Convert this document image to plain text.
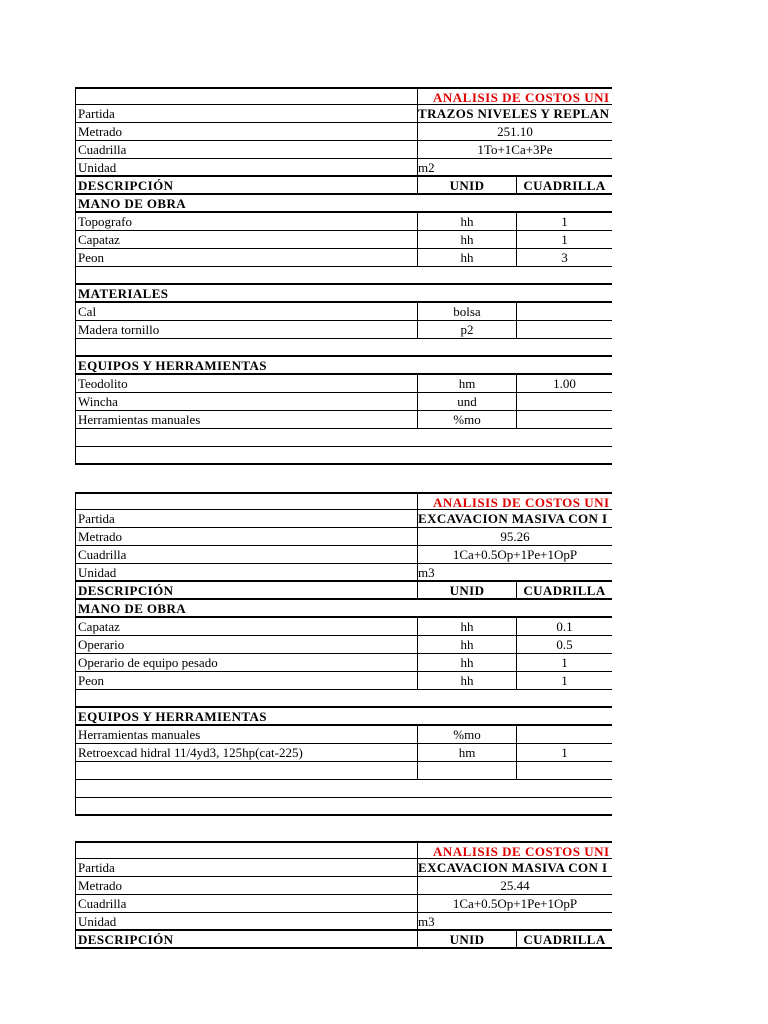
ANALISIS DE COSTOS UNI
Partida	TRAZOS NIVELES Y REPLAN
Metrado	251.10
Cuadrilla	1To+1Ca+3Pe
Unidad	m2
DESCRIPCIÓN	UNID	CUADRILLA
MANO DE OBRA
Topografo	hh	1
Capataz	hh	1
Peon	hh	3
MATERIALES
Cal	bolsa
Madera tornillo	p2
EQUIPOS Y HERRAMIENTAS
Teodolito	hm	1.00
Wincha	und
Herramientas manuales	%mo
ANALISIS DE COSTOS UNI
Partida	EXCAVACION MASIVA CON I
Metrado	95.26
Cuadrilla	1Ca+0.5Op+1Pe+1OpP
Unidad	m3
DESCRIPCIÓN	UNID	CUADRILLA
MANO DE OBRA
Capataz	hh	0.1
Operario	hh	0.5
Operario de equipo pesado	hh	1
Peon	hh	1
EQUIPOS Y HERRAMIENTAS
Herramientas manuales	%mo
Retroexcad hidral 11/4yd3, 125hp(cat-225)	hm	1
ANALISIS DE COSTOS UNI
Partida	EXCAVACION MASIVA CON I
Metrado	25.44
Cuadrilla	1Ca+0.5Op+1Pe+1OpP
Unidad	m3
DESCRIPCIÓN	UNID	CUADRILLA
